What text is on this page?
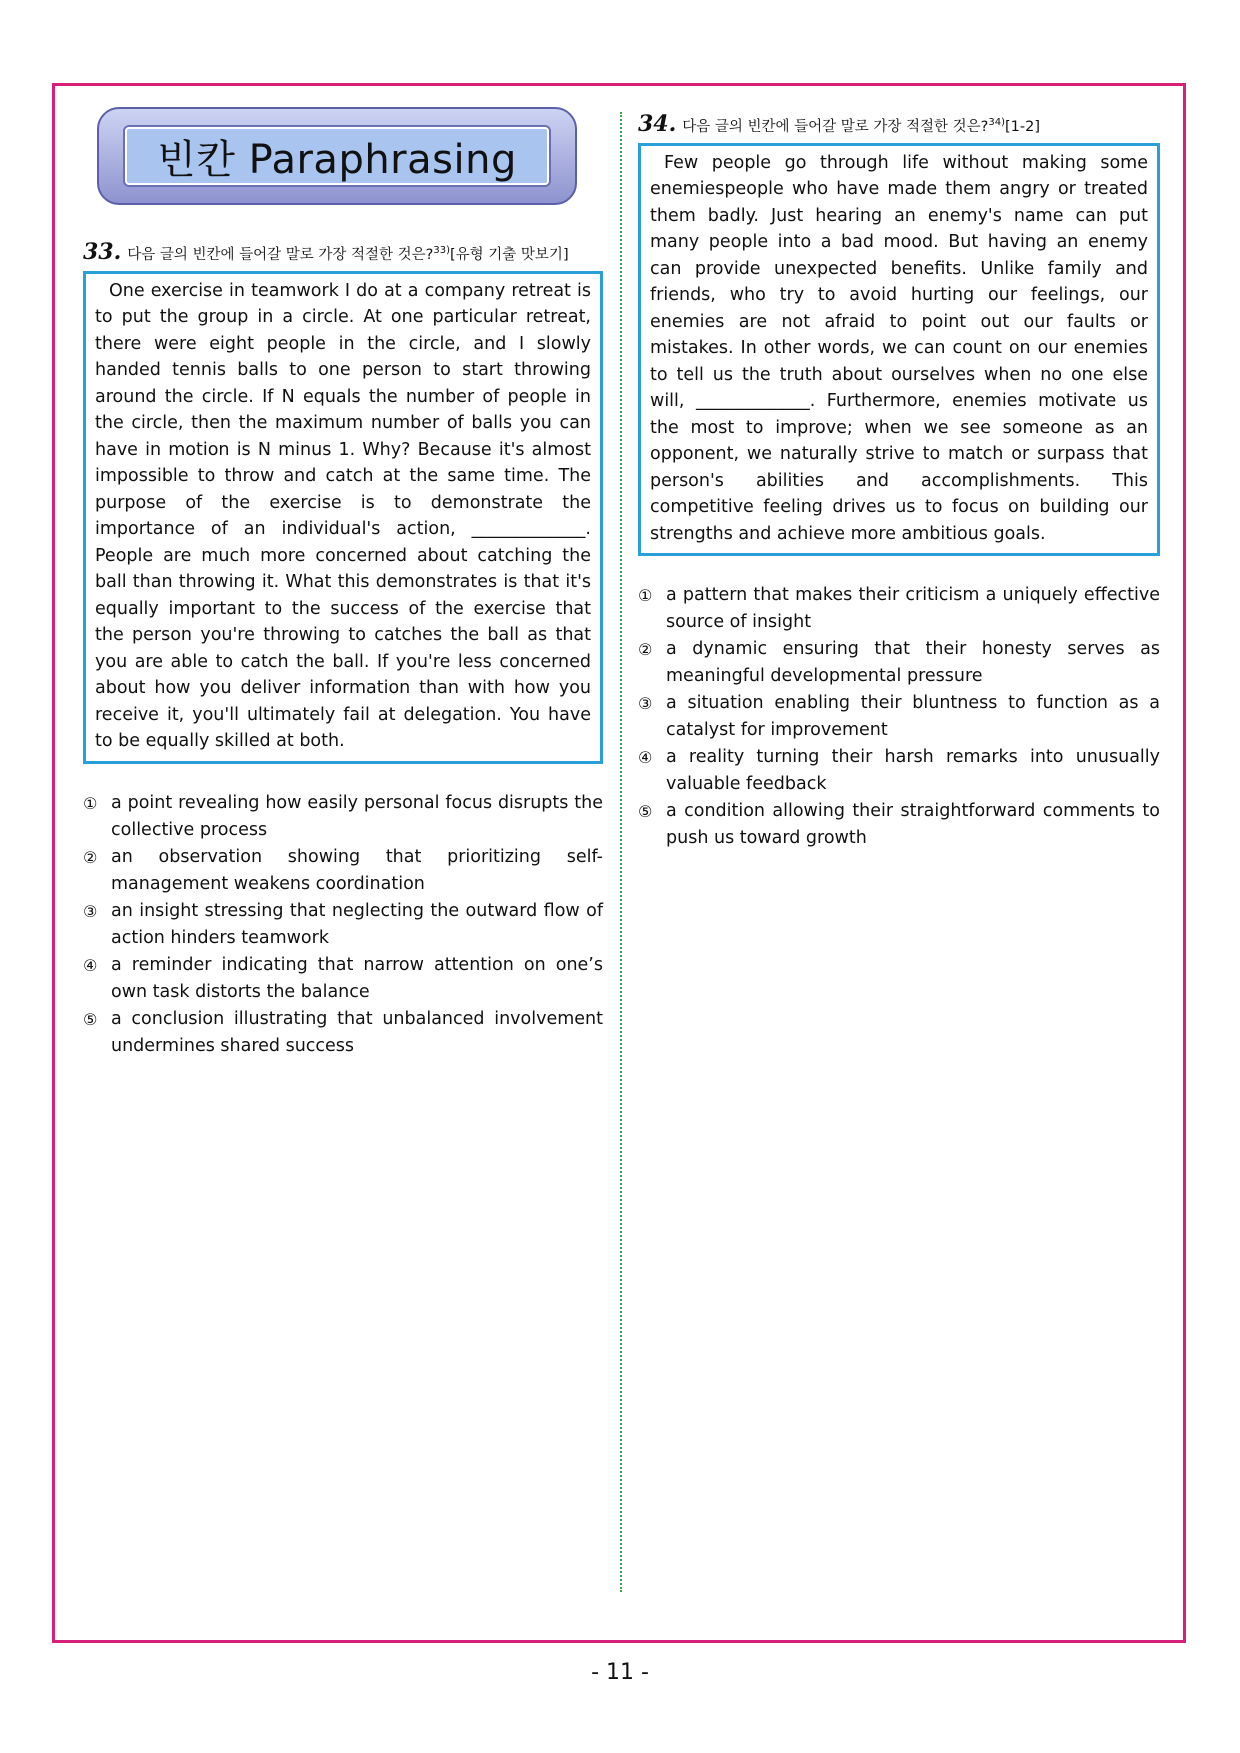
빈칸 Paraphrasing
33. 다음 글의 빈칸에 들어갈 말로 가장 적절한 것은?$^{33)}$[유형 기출 맛보기]
One exercise in teamwork I do at a company retreat is to put the group in a circle. At one particular retreat, there were eight people in the circle, and I slowly handed tennis balls to one person to start throwing around the circle. If N equals the number of people in the circle, then the maximum number of balls you can have in motion is N minus 1. Why? Because it's almost impossible to throw and catch at the same time. The purpose of the exercise is to demonstrate the importance of an individual's action, _____________. People are much more concerned about catching the ball than throwing it. What this demonstrates is that it's equally important to the success of the exercise that the person you're throwing to catches the ball as that you are able to catch the ball. If you're less concerned about how you deliver information than with how you receive it, you'll ultimately fail at delegation. You have to be equally skilled at both.
① a point revealing how easily personal focus disrupts the collective process
② an observation showing that prioritizing self-management weakens coordination
③ an insight stressing that neglecting the outward flow of action hinders teamwork
④ a reminder indicating that narrow attention on one’s own task distorts the balance
⑤ a conclusion illustrating that unbalanced involvement undermines shared success
34. 다음 글의 빈칸에 들어갈 말로 가장 적절한 것은?$^{34)}$[1-2]
Few people go through life without making some enemiespeople who have made them angry or treated them badly. Just hearing an enemy's name can put many people into a bad mood. But having an enemy can provide unexpected benefits. Unlike family and friends, who try to avoid hurting our feelings, our enemies are not afraid to point out our faults or mistakes. In other words, we can count on our enemies to tell us the truth about ourselves when no one else will, _____________. Furthermore, enemies motivate us the most to improve; when we see someone as an opponent, we naturally strive to match or surpass that person's abilities and accomplishments. This competitive feeling drives us to focus on building our strengths and achieve more ambitious goals.
① a pattern that makes their criticism a uniquely effective source of insight
② a dynamic ensuring that their honesty serves as meaningful developmental pressure
③ a situation enabling their bluntness to function as a catalyst for improvement
④ a reality turning their harsh remarks into unusually valuable feedback
⑤ a condition allowing their straightforward comments to push us toward growth
- 11 -
